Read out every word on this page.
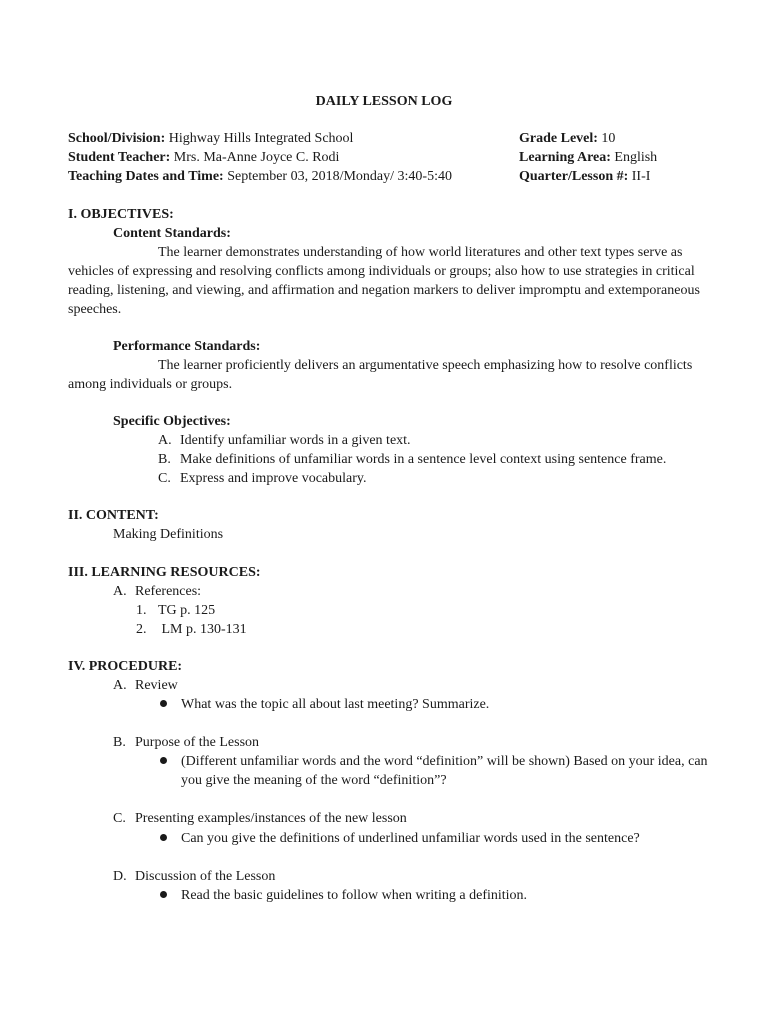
DAILY LESSON LOG
School/Division: Highway Hills Integrated School
Student Teacher: Mrs. Ma-Anne Joyce C. Rodi
Teaching Dates and Time: September 03, 2018/Monday/ 3:40-5:40
Grade Level: 10
Learning Area: English
Quarter/Lesson #: II-I
I. OBJECTIVES:
Content Standards:
The learner demonstrates understanding of how world literatures and other text types serve as vehicles of expressing and resolving conflicts among individuals or groups; also how to use strategies in critical reading, listening, and viewing, and affirmation and negation markers to deliver impromptu and extemporaneous speeches.
Performance Standards:
The learner proficiently delivers an argumentative speech emphasizing how to resolve conflicts among individuals or groups.
Specific Objectives:
A. Identify unfamiliar words in a given text.
B. Make definitions of unfamiliar words in a sentence level context using sentence frame.
C. Express and improve vocabulary.
II. CONTENT:
Making Definitions
III. LEARNING RESOURCES:
A. References:
1. TG p. 125
2. LM p. 130-131
IV. PROCEDURE:
A. Review
What was the topic all about last meeting? Summarize.
B. Purpose of the Lesson
(Different unfamiliar words and the word “definition” will be shown) Based on your idea, can
you give the meaning of the word “definition”?
C. Presenting examples/instances of the new lesson
Can you give the definitions of underlined unfamiliar words used in the sentence?
D. Discussion of the Lesson
Read the basic guidelines to follow when writing a definition.
